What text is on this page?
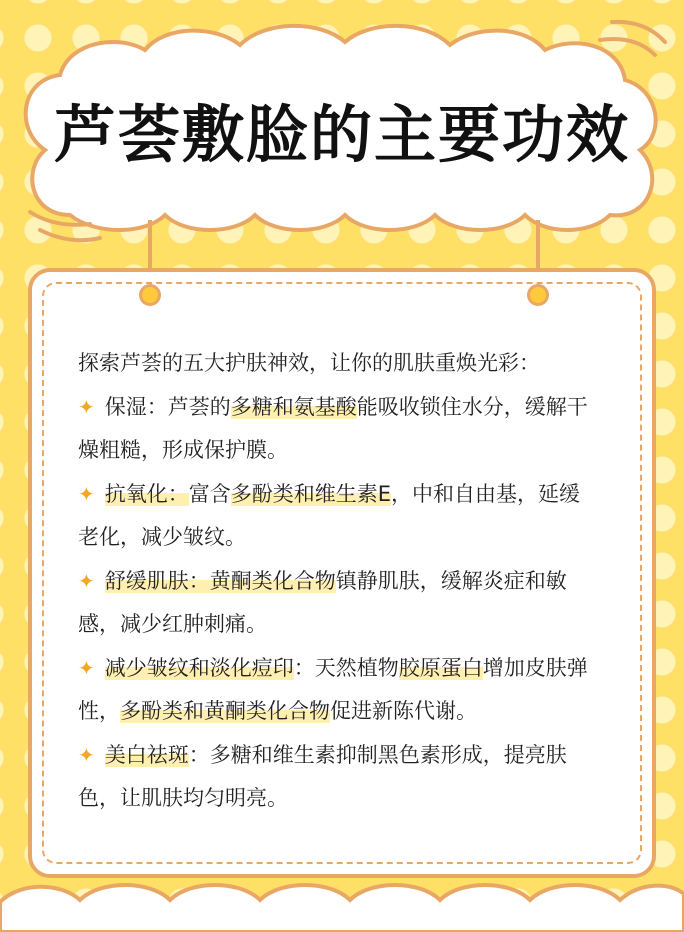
芦荟敷脸的主要功效

探索芦荟的五大护肤神效，让你的肌肤重焕光彩：

✦ 保湿：芦荟的多糖和氨基酸能吸收锁住水分，缓解干燥粗糙，形成保护膜。

✦ 抗氧化：富含多酚类和维生素E，中和自由基，延缓老化，减少皱纹。

✦ 舒缓肌肤：黄酮类化合物镇静肌肤，缓解炎症和敏感，减少红肿刺痛。

✦ 减少皱纹和淡化痘印：天然植物胶原蛋白增加皮肤弹性，多酚类和黄酮类化合物促进新陈代谢。

✦ 美白祛斑：多糖和维生素抑制黑色素形成，提亮肤色，让肌肤均匀明亮。
